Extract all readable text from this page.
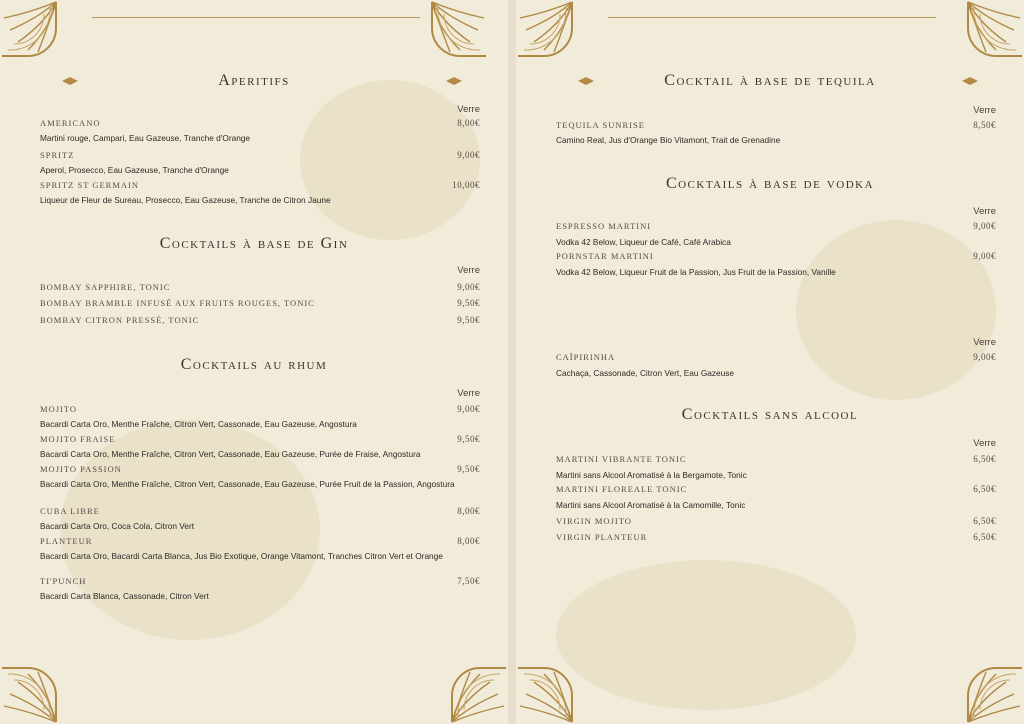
Aperitifs
Verre
AMERICANO	8,00€
Martini rouge, Campari, Eau Gazeuse, Tranche d'Orange
SPRITZ	9,00€
Aperol, Prosecco, Eau Gazeuse, Tranche d'Orange
SPRITZ ST GERMAIN	10,00€
Liqueur de Fleur de Sureau, Prosecco, Eau Gazeuse, Tranche de Citron Jaune
Cocktails à base de Gin
Verre
BOMBAY SAPPHIRE, TONIC	9,00€
BOMBAY BRAMBLE INFUSÉ AUX FRUITS ROUGES, TONIC	9,50€
BOMBAY CITRON PRESSÉ, TONIC	9,50€
Cocktails au rhum
Verre
MOJITO	9,00€
Bacardi Carta Oro, Menthe Fraîche, Citron Vert, Cassonade, Eau Gazeuse, Angostura
MOJITO FRAISE	9,50€
Bacardi Carta Oro, Menthe Fraîche, Citron Vert, Cassonade, Eau Gazeuse, Purée de Fraise, Angostura
MOJITO PASSION	9,50€
Bacardi Carta Oro, Menthe Fraîche, Citron Vert, Cassonade, Eau Gazeuse, Purée Fruit de la Passion, Angostura
CUBA LIBRE	8,00€
Bacardi Carta Oro, Coca Cola, Citron Vert
PLANTEUR	8,00€
Bacardi Carta Oro, Bacardi Carta Blanca, Jus Bio Exotique, Orange Vitamont, Tranches Citron Vert et Orange
TI'PUNCH	7,50€
Bacardi Carta Blanca, Cassonade, Citron Vert
Cocktail à base de tequila
Verre
TEQUILA SUNRISE	8,50€
Camino Real, Jus d'Orange Bio Vitamont, Trait de Grenadine
Cocktails à base de vodka
Verre
ESPRESSO MARTINI	9,00€
Vodka 42 Below, Liqueur de Café, Café Arabica
PORNSTAR MARTINI	9,00€
Vodka 42 Below, Liqueur Fruit de la Passion, Jus Fruit de la Passion, Vanille
Verre
CAÏPIRINHA	9,00€
Cachaça, Cassonade, Citron Vert, Eau Gazeuse
Cocktails sans alcool
Verre
MARTINI VIBRANTE TONIC	6,50€
Martini sans Alcool Aromatisé à la Bergamote, Tonic
MARTINI FLOREALE TONIC	6,50€
Martini sans Alcool Aromatisé à la Camomille, Tonic
VIRGIN MOJITO	6,50€
VIRGIN PLANTEUR	6,50€
